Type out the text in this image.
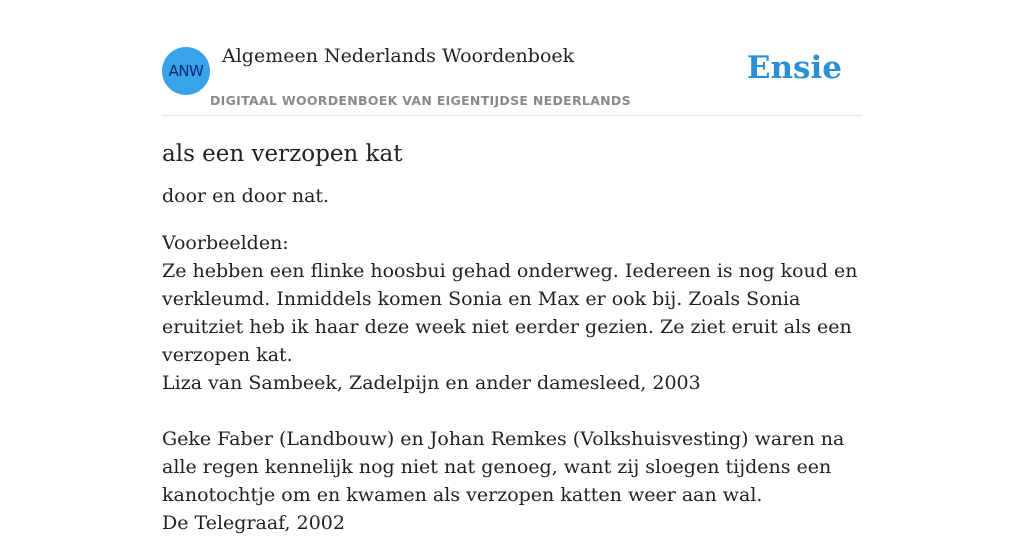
ANW
Algemeen Nederlands Woordenboek
DIGITAAL WOORDENBOEK VAN EIGENTIJDSE NEDERLANDS
Ensie
als een verzopen kat

door en door nat.

Voorbeelden:
Ze hebben een flinke hoosbui gehad onderweg. Iedereen is nog koud en verkleumd. Inmiddels komen Sonia en Max er ook bij. Zoals Sonia eruitziet heb ik haar deze week niet eerder gezien. Ze ziet eruit als een verzopen kat.
Liza van Sambeek, Zadelpijn en ander damesleed, 2003
Geke Faber (Landbouw) en Johan Remkes (Volkshuisvesting) waren na alle regen kennelijk nog niet nat genoeg, want zij sloegen tijdens een kanotochtje om en kwamen als verzopen katten weer aan wal.
De Telegraaf, 2002
